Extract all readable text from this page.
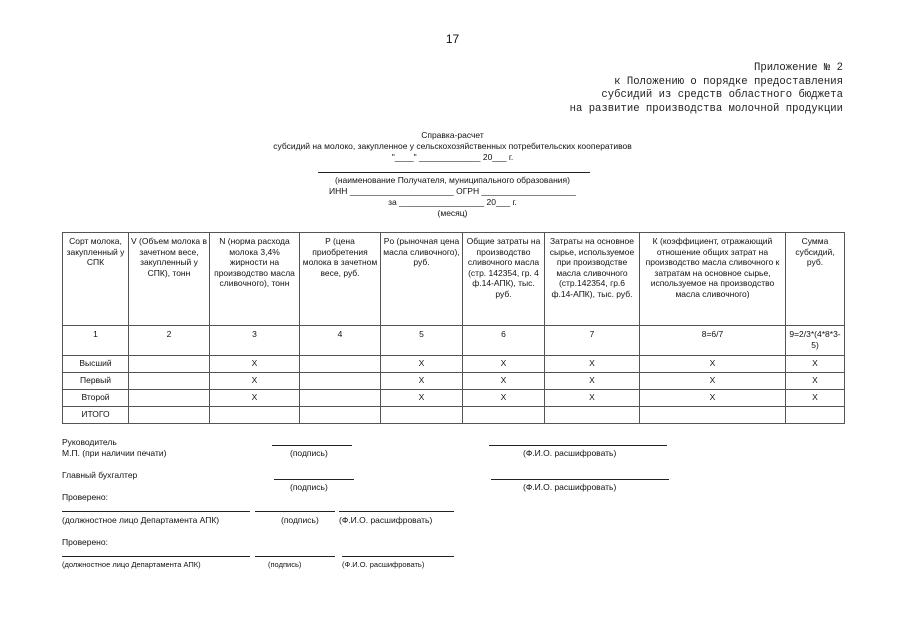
17
Приложение № 2
к Положению о порядке предоставления
субсидий из средств областного бюджета
на развитие производства молочной продукции
Справка-расчет
субсидий на молоко, закупленное у сельскохозяйственных потребительских кооперативов
"____" _____________ 20___ г.
(наименование Получателя, муниципального образования)
ИНН ______________________ ОГРН ____________________
за __________________ 20___ г.
(месяц)
Сорт молока, закупленный у СПК	V (Объем молока в зачетном весе, закупленный у СПК), тонн	N (норма расхода молока 3,4% жирности на производство масла сливочного), тонн	P (цена приобретения молока в зачетном весе, руб.	Po (рыночная цена масла сливочного), руб.	Общие затраты на производство сливочного масла (стр. 142354, гр. 4 ф.14-АПК), тыс. руб.	Затраты на основное сырье, используемое при производстве масла сливочного (стр.142354, гр.6 ф.14-АПК), тыс. руб.	К (коэффициент, отражающий отношение общих затрат на производство масла сливочного к затратам на основное сырье, используемое на производство масла сливочного)	Сумма субсидий, руб.
1	2	3	4	5	6	7	8=6/7	9=2/3*(4*8*3-5)
Высший		X		X	X	X	X	X
Первый		X		X	X	X	X	X
Второй		X		X	X	X	X	X
ИТОГО								
Руководитель
М.П. (при наличии печати)	(подпись)	(Ф.И.О. расшифровать)
Главный бухгалтер
(подпись)	(Ф.И.О. расшифровать)
Проверено:
(должностное лицо Департамента АПК)	(подпись) (Ф.И.О. расшифровать)
Проверено:
(должностное лицо Департамента АПК)	(подпись)	(Ф.И.О. расшифровать)
